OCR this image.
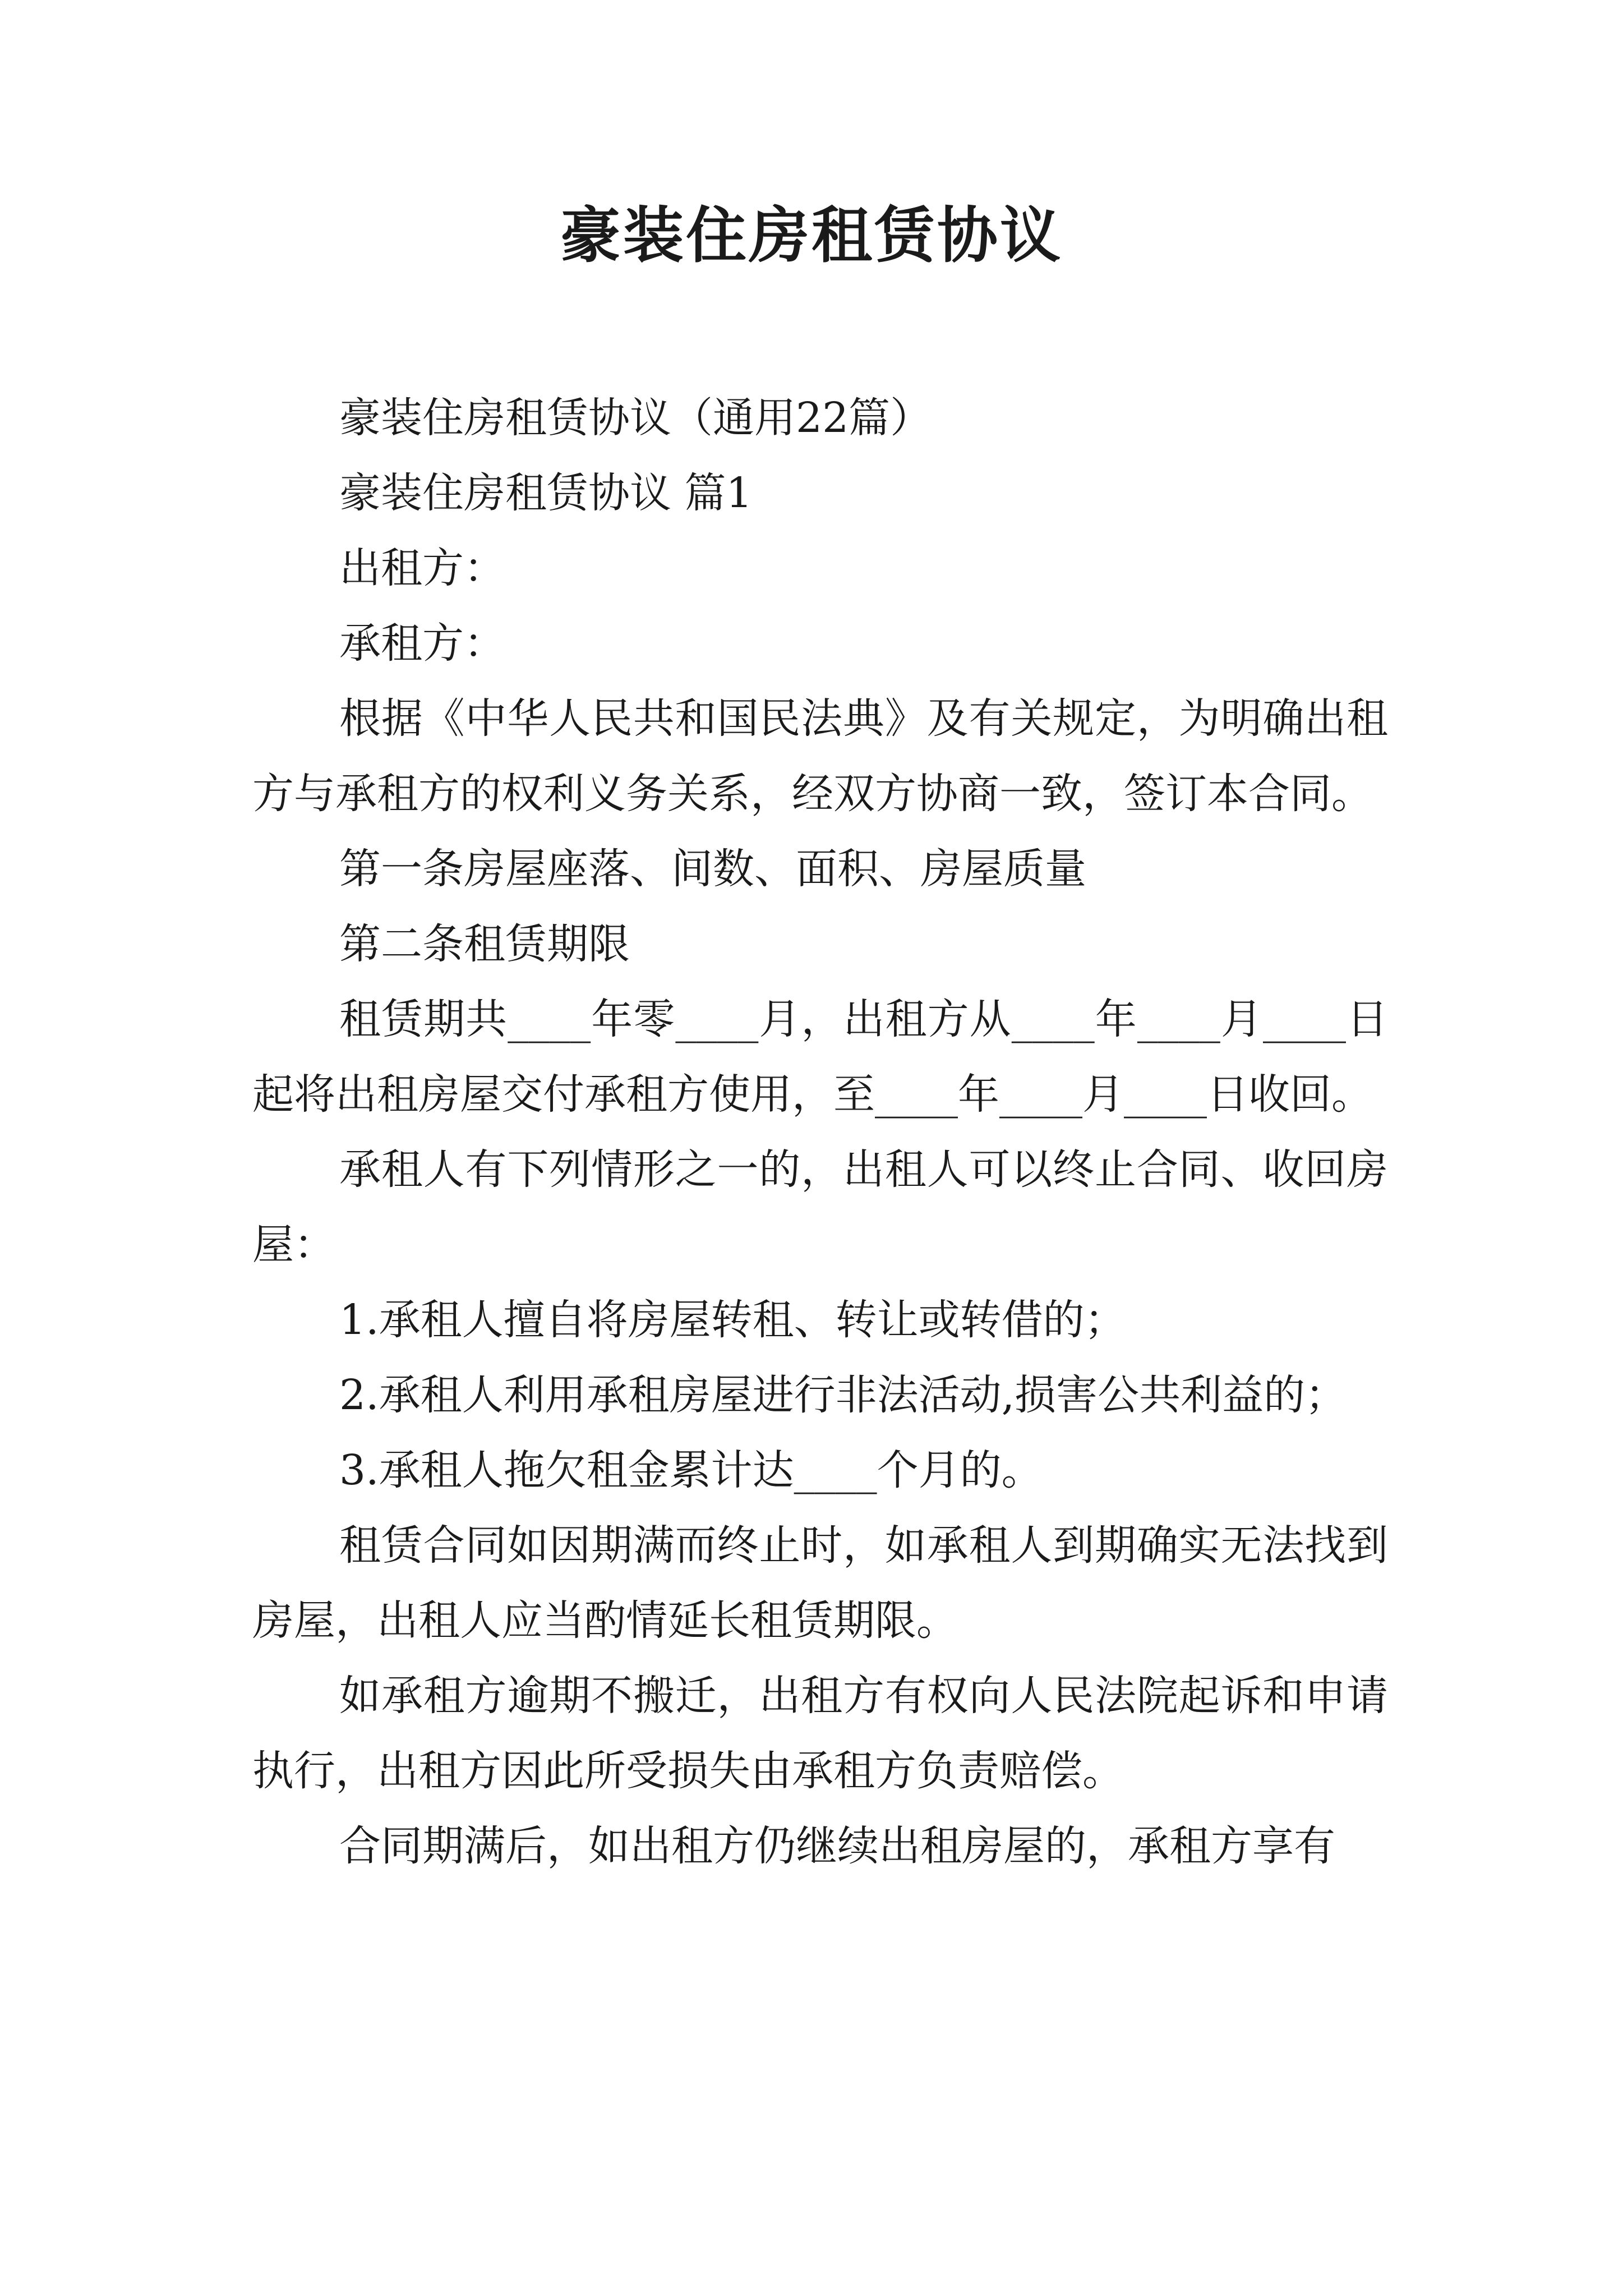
豪装住房租赁协议

豪装住房租赁协议（通用22篇）

豪装住房租赁协议 篇1

出租方：

承租方：

根据《中华人民共和国民法典》及有关规定，为明确出租方与承租方的权利义务关系，经双方协商一致，签订本合同。

第一条房屋座落、间数、面积、房屋质量

第二条租赁期限

租赁期共____年零____月，出租方从____年____月____日起将出租房屋交付承租方使用，至____年____月____日收回。

承租人有下列情形之一的，出租人可以终止合同、收回房屋：

1.承租人擅自将房屋转租、转让或转借的；

2.承租人利用承租房屋进行非法活动,损害公共利益的；

3.承租人拖欠租金累计达____个月的。

租赁合同如因期满而终止时，如承租人到期确实无法找到房屋，出租人应当酌情延长租赁期限。

如承租方逾期不搬迁，出租方有权向人民法院起诉和申请执行，出租方因此所受损失由承租方负责赔偿。

合同期满后，如出租方仍继续出租房屋的，承租方享有
